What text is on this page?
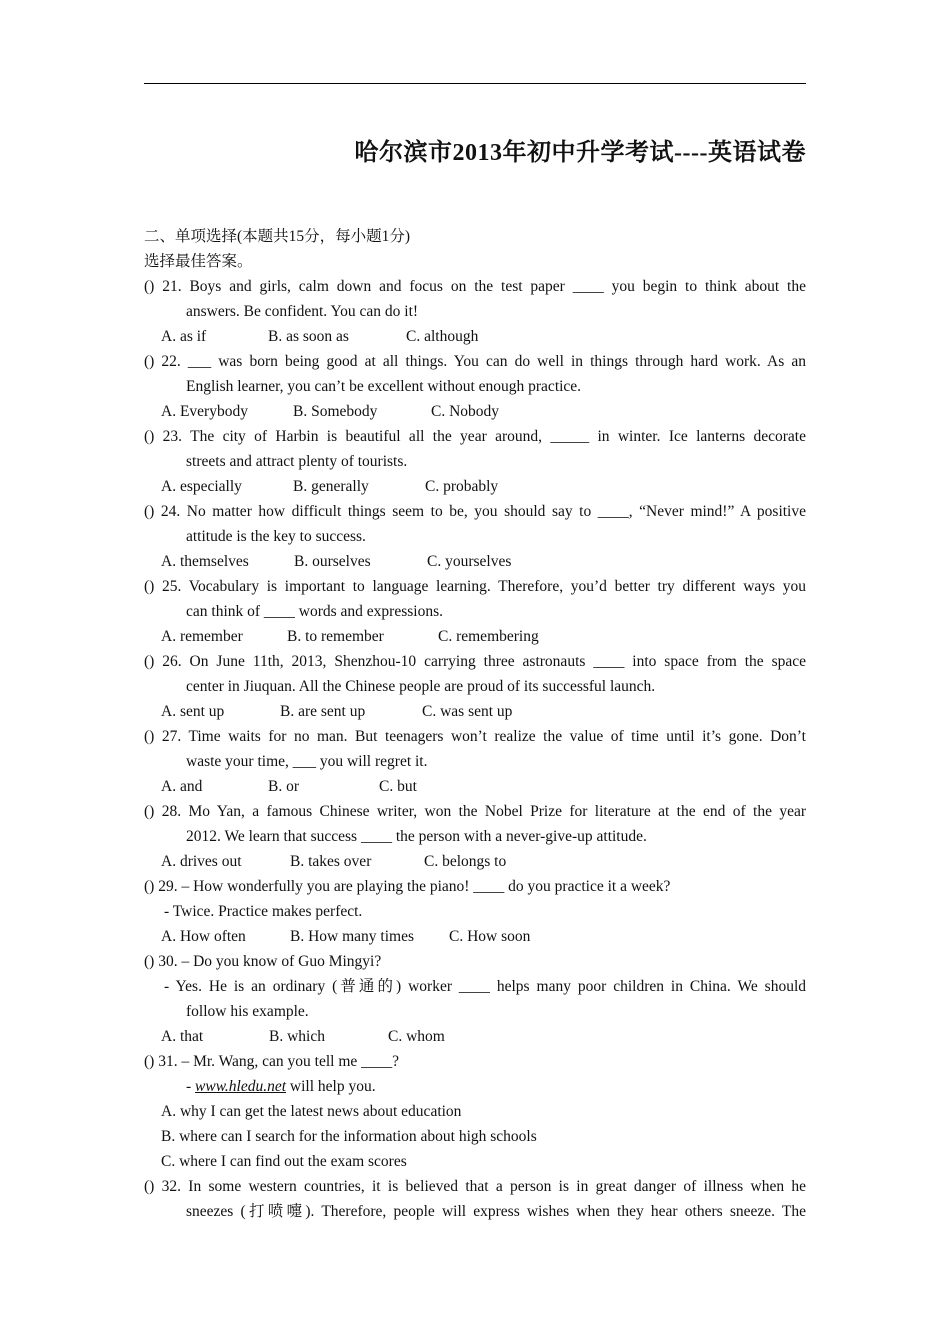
哈尔滨市2013年初中升学考试----英语试卷
二、单项选择(本题共15分，每小题1分)
选择最佳答案。
() 21. Boys and girls, calm down and focus on the test paper ____ you begin to think about the
answers. Be confident. You can do it!
A. as if	B. as soon as	C. although
() 22. ___ was born being good at all things. You can do well in things through hard work. As an
English learner, you can’t be excellent without enough practice.
A. Everybody	B. Somebody	C. Nobody
() 23. The city of Harbin is beautiful all the year around, _____ in winter. Ice lanterns decorate
streets and attract plenty of tourists.
A. especially	B. generally	C. probably
() 24. No matter how difficult things seem to be, you should say to ____, “Never mind!” A positive
attitude is the key to success.
A. themselves	B. ourselves	C. yourselves
() 25. Vocabulary is important to language learning. Therefore, you’d better try different ways you
can think of ____ words and expressions.
A. remember	B. to remember	C. remembering
() 26. On June 11th, 2013, Shenzhou-10 carrying three astronauts ____ into space from the space
center in Jiuquan. All the Chinese people are proud of its successful launch.
A. sent up	B. are sent up	C. was sent up
() 27. Time waits for no man. But teenagers won’t realize the value of time until it’s gone. Don’t
waste your time, ___ you will regret it.
A. and	B. or	C. but
() 28. Mo Yan, a famous Chinese writer, won the Nobel Prize for literature at the end of the year
2012. We learn that success ____ the person with a never-give-up attitude.
A. drives out	B. takes over	C. belongs to
() 29. – How wonderfully you are playing the piano! ____ do you practice it a week?
- Twice. Practice makes perfect.
A. How often	B. How many times C. How soon
() 30. – Do you know of Guo Mingyi?
- Yes. He is an ordinary (普通的) worker ____ helps many poor children in China. We should
follow his example.
A. that	B. which	C. whom
() 31. – Mr. Wang, can you tell me ____?
- www.hledu.net will help you.
A. why I can get the latest news about education
B. where can I search for the information about high schools
C. where I can find out the exam scores
() 32. In some western countries, it is believed that a person is in great danger of illness when he
sneezes (打喷嚏). Therefore, people will express wishes when they hear others sneeze. The
